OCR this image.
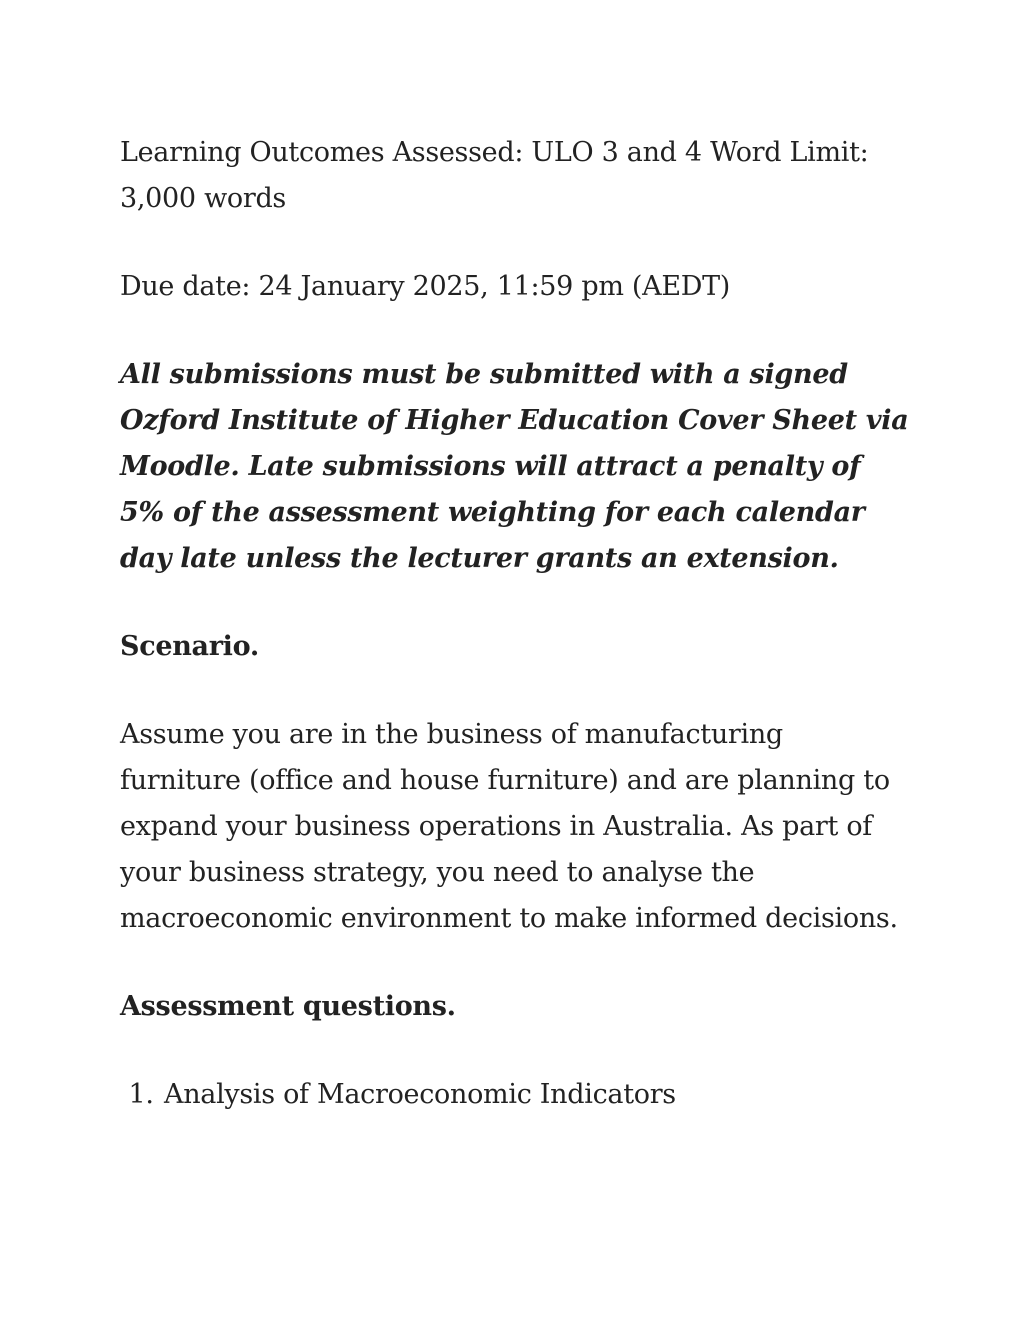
Learning Outcomes Assessed: ULO 3 and 4 Word Limit: 3,000 words

Due date: 24 January 2025, 11:59 pm (AEDT)

All submissions must be submitted with a signed Ozford Institute of Higher Education Cover Sheet via Moodle. Late submissions will attract a penalty of 5% of the assessment weighting for each calendar day late unless the lecturer grants an extension.

Scenario.

Assume you are in the business of manufacturing furniture (office and house furniture) and are planning to expand your business operations in Australia. As part of your business strategy, you need to analyse the macroeconomic environment to make informed decisions.

Assessment questions.

1. Analysis of Macroeconomic Indicators
